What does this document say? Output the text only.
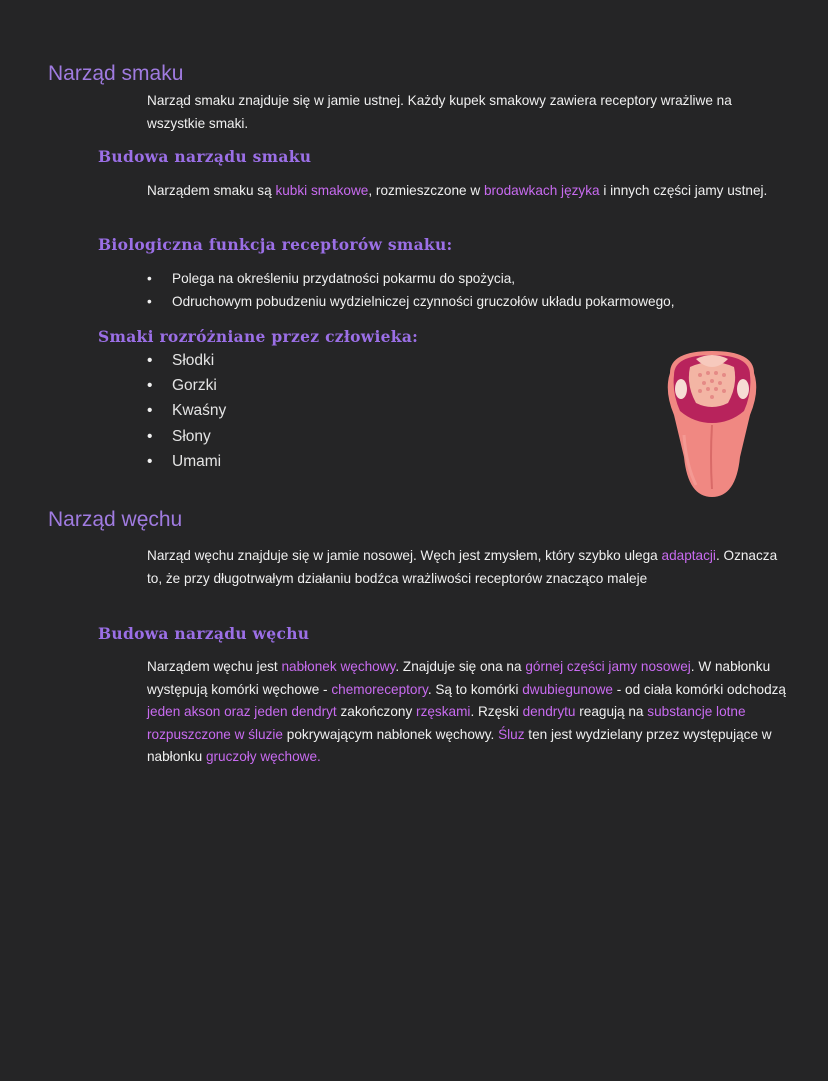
Narząd smaku
Narząd smaku znajduje się w jamie ustnej. Każdy kupek smakowy zawiera receptory wrażliwe na wszystkie smaki.
Budowa narządu smaku
Narządem smaku są kubki smakowe, rozmieszczone w brodawkach języka i innych części jamy ustnej.
Biologiczna funkcja receptorów smaku:
• Polega na określeniu przydatności pokarmu do spożycia,
• Odruchowym pobudzeniu wydzielniczej czynności gruczołów układu pokarmowego,
Smaki rozróżniane przez człowieka:
• Słodki
• Gorzki
• Kwaśny
• Słony
• Umami
Narząd węchu
Narząd węchu znajduje się w jamie nosowej. Węch jest zmysłem, który szybko ulega adaptacji. Oznacza to, że przy długotrwałym działaniu bodźca wrażliwości receptorów znacząco maleje
Budowa narządu węchu
Narządem węchu jest nabłonek węchowy. Znajduje się ona na górnej części jamy nosowej. W nabłonku występują komórki węchowe - chemoreceptory. Są to komórki dwubiegunowe - od ciała komórki odchodzą jeden akson oraz jeden dendryt zakończony rzęskami. Rzęski dendrytu reagują na substancje lotne rozpuszczone w śluzie pokrywającym nabłonek węchowy. Śluz ten jest wydzielany przez występujące w nabłonku gruczoły węchowe.
